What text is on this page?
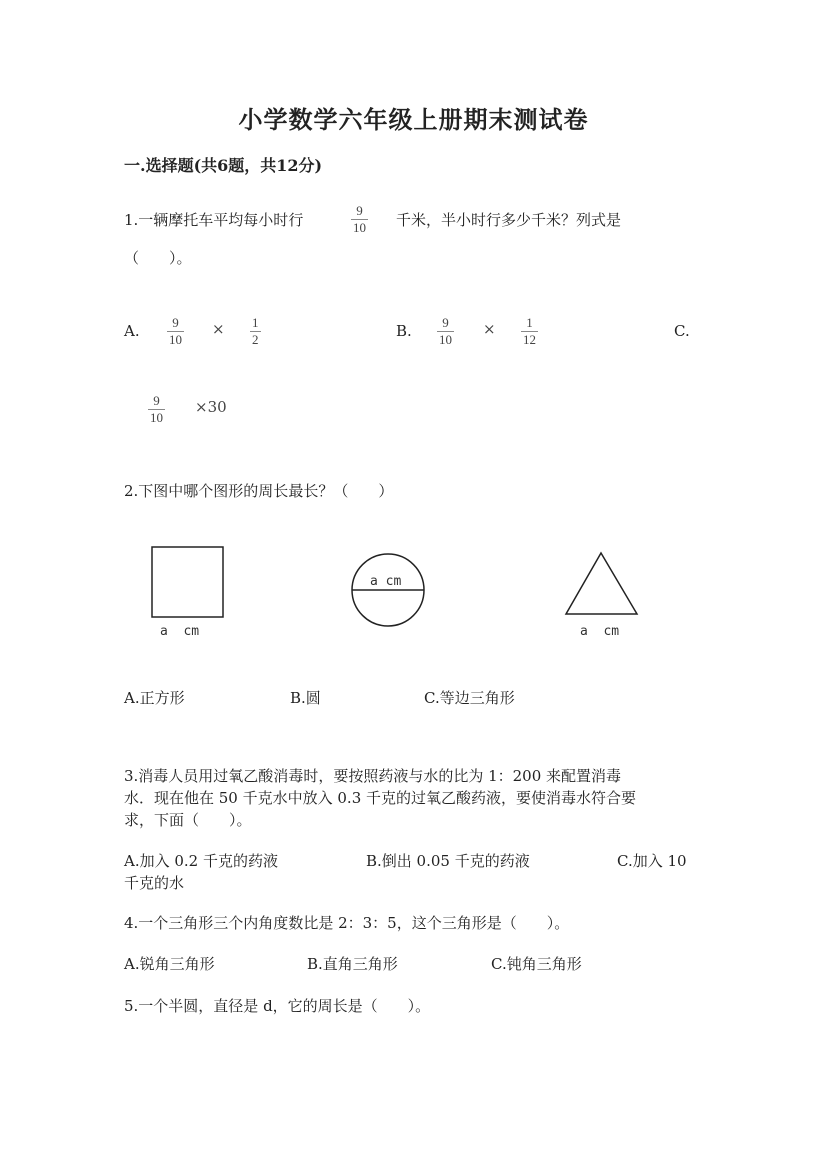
小学数学六年级上册期末测试卷
一.选择题(共6题，共12分)
1.一辆摩托车平均每小时行
9
10 千米，半小时行多少千米？列式是
（　　）。
A.	9
10
× 1
2	B. 9
10
× 1
12	C.
9
10
×30
2.下图中哪个图形的周长最长？（　　）
a  cm
a cm
a  cm
A.正方形	B.圆	C.等边三角形
3.消毒人员用过氧乙酸消毒时，要按照药液与水的比为 1：200 来配置消毒
水．现在他在 50 千克水中放入 0.3 千克的过氧乙酸药液，要使消毒水符合要
求，下面（　　）。
A.加入 0.2 千克的药液	B.倒出 0.05 千克的药液	C.加入 10
千克的水
4.一个三角形三个内角度数比是 2：3：5，这个三角形是（　　）。
A.锐角三角形	B.直角三角形	C.钝角三角形
5.一个半圆，直径是 d，它的周长是（　　）。
